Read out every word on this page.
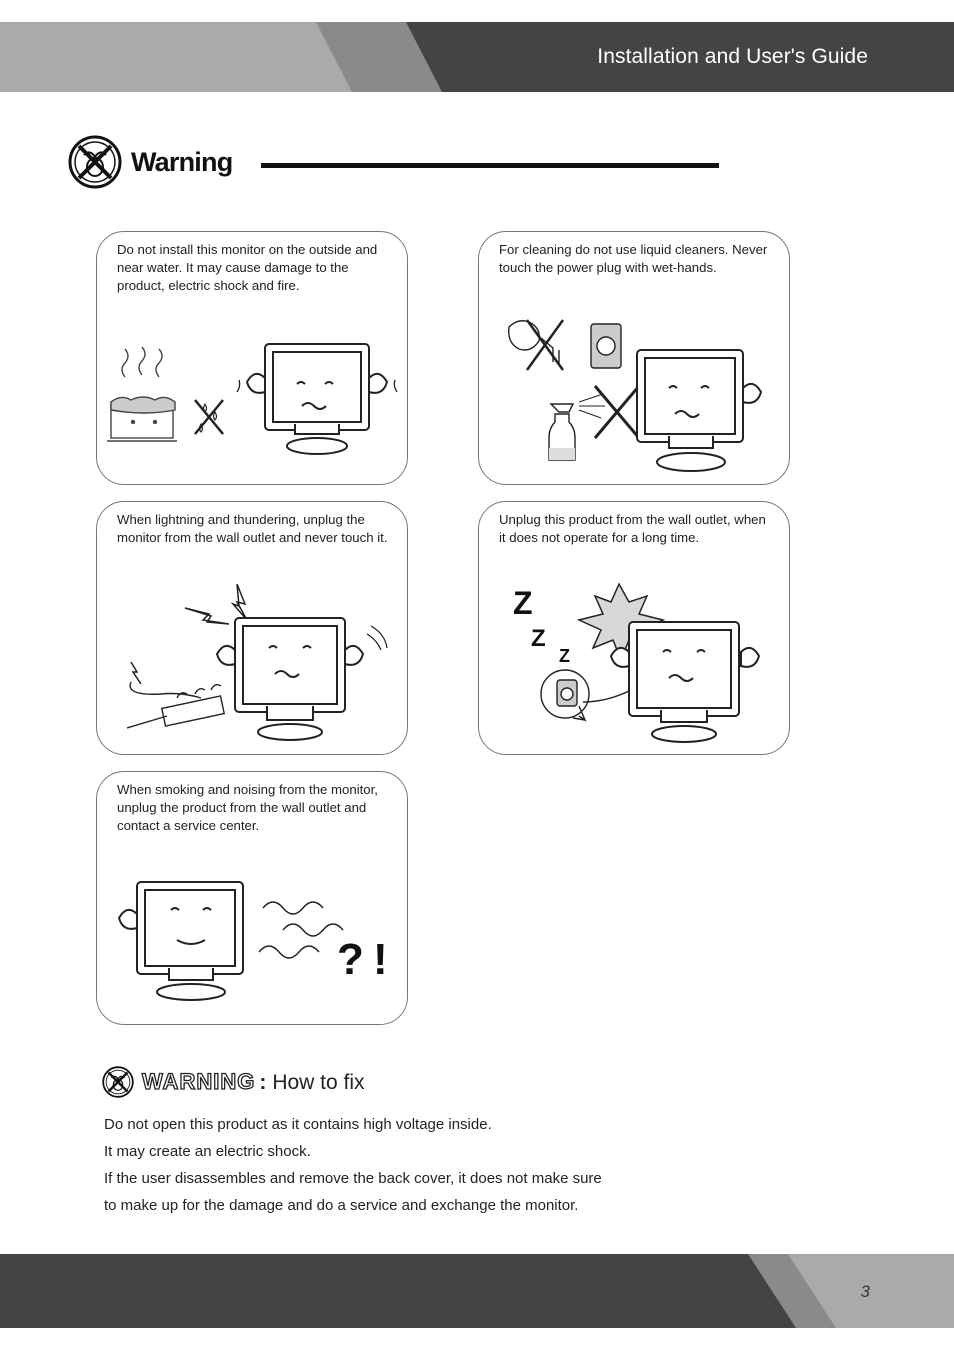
Installation and User's Guide
Warning
Do not install this monitor on the outside and near water. It may cause damage to the product, electric shock and fire.
For cleaning do not use liquid cleaners. Never touch the power plug with wet-hands.
When lightning and thundering, unplug the monitor from the wall outlet and never touch it.
Z
Z
Z
Unplug this product from the wall outlet, when it does not operate for a long time.
? !
When smoking and noising from the monitor, unplug the product from the wall outlet and contact a service center.
WARNING : How to fix

Do not open this product as it contains high voltage inside.

It may create an electric shock.

If the user disassembles and remove the back cover, it does not make sure

to make up for the damage and do a service and exchange the monitor.

3
